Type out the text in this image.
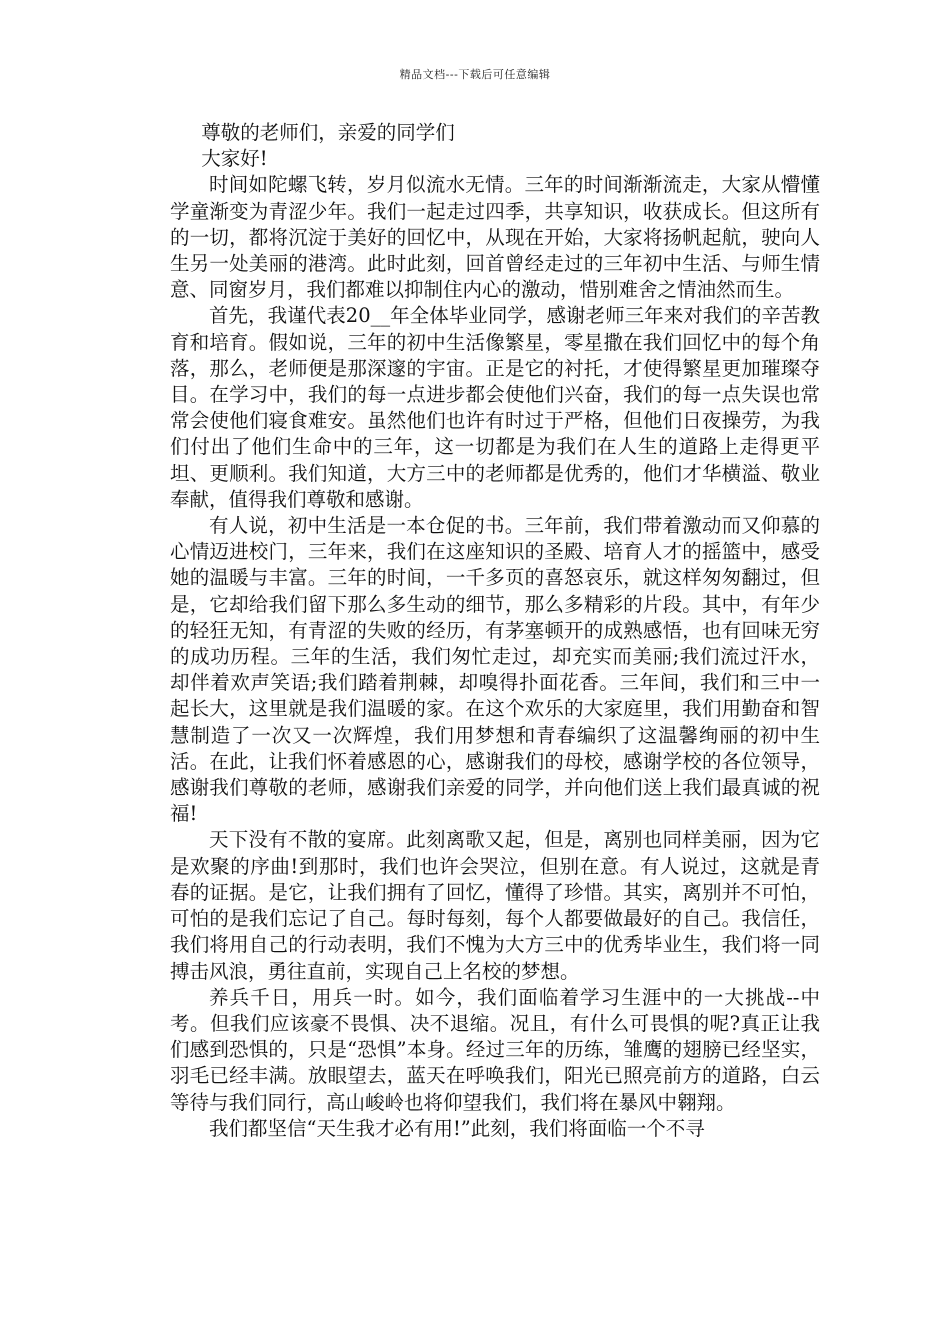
精品文档---下载后可任意编辑

尊敬的老师们，亲爱的同学们

大家好!

时间如陀螺飞转，岁月似流水无情。三年的时间渐渐流走，大家从懵懂学童渐变为青涩少年。我们一起走过四季，共享知识，收获成长。但这所有的一切，都将沉淀于美好的回忆中，从现在开始，大家将扬帆起航，驶向人生另一处美丽的港湾。此时此刻，回首曾经走过的三年初中生活、与师生情意、同窗岁月，我们都难以抑制住内心的激动，惜别难舍之情油然而生。

首先，我谨代表20__年全体毕业同学，感谢老师三年来对我们的辛苦教育和培育。假如说，三年的初中生活像繁星，零星撒在我们回忆中的每个角落，那么，老师便是那深邃的宇宙。正是它的衬托，才使得繁星更加璀璨夺目。在学习中，我们的每一点进步都会使他们兴奋，我们的每一点失误也常常会使他们寝食难安。虽然他们也许有时过于严格，但他们日夜操劳，为我们付出了他们生命中的三年，这一切都是为我们在人生的道路上走得更平坦、更顺利。我们知道，大方三中的老师都是优秀的，他们才华横溢、敬业奉献，值得我们尊敬和感谢。

有人说，初中生活是一本仓促的书。三年前，我们带着激动而又仰慕的心情迈进校门，三年来，我们在这座知识的圣殿、培育人才的摇篮中，感受她的温暖与丰富。三年的时间，一千多页的喜怒哀乐，就这样匆匆翻过，但是，它却给我们留下那么多生动的细节，那么多精彩的片段。其中，有年少的轻狂无知，有青涩的失败的经历，有茅塞顿开的成熟感悟，也有回味无穷的成功历程。三年的生活，我们匆忙走过，却充实而美丽;我们流过汗水，却伴着欢声笑语;我们踏着荆棘，却嗅得扑面花香。三年间，我们和三中一起长大，这里就是我们温暖的家。在这个欢乐的大家庭里，我们用勤奋和智慧制造了一次又一次辉煌，我们用梦想和青春编织了这温馨绚丽的初中生活。在此，让我们怀着感恩的心，感谢我们的母校，感谢学校的各位领导，感谢我们尊敬的老师，感谢我们亲爱的同学，并向他们送上我们最真诚的祝福!

天下没有不散的宴席。此刻离歌又起，但是，离别也同样美丽，因为它是欢聚的序曲!到那时，我们也许会哭泣，但别在意。有人说过，这就是青春的证据。是它，让我们拥有了回忆，懂得了珍惜。其实，离别并不可怕，可怕的是我们忘记了自己。每时每刻，每个人都要做最好的自己。我信任，我们将用自己的行动表明，我们不愧为大方三中的优秀毕业生，我们将一同搏击风浪，勇往直前，实现自己上名校的梦想。

养兵千日，用兵一时。如今，我们面临着学习生涯中的一大挑战--中考。但我们应该豪不畏惧、决不退缩。况且，有什么可畏惧的呢?真正让我们感到恐惧的，只是“恐惧”本身。经过三年的历练，雏鹰的翅膀已经坚实，羽毛已经丰满。放眼望去，蓝天在呼唤我们，阳光已照亮前方的道路，白云等待与我们同行，高山峻岭也将仰望我们，我们将在暴风中翱翔。

我们都坚信“天生我才必有用!”此刻，我们将面临一个不寻
